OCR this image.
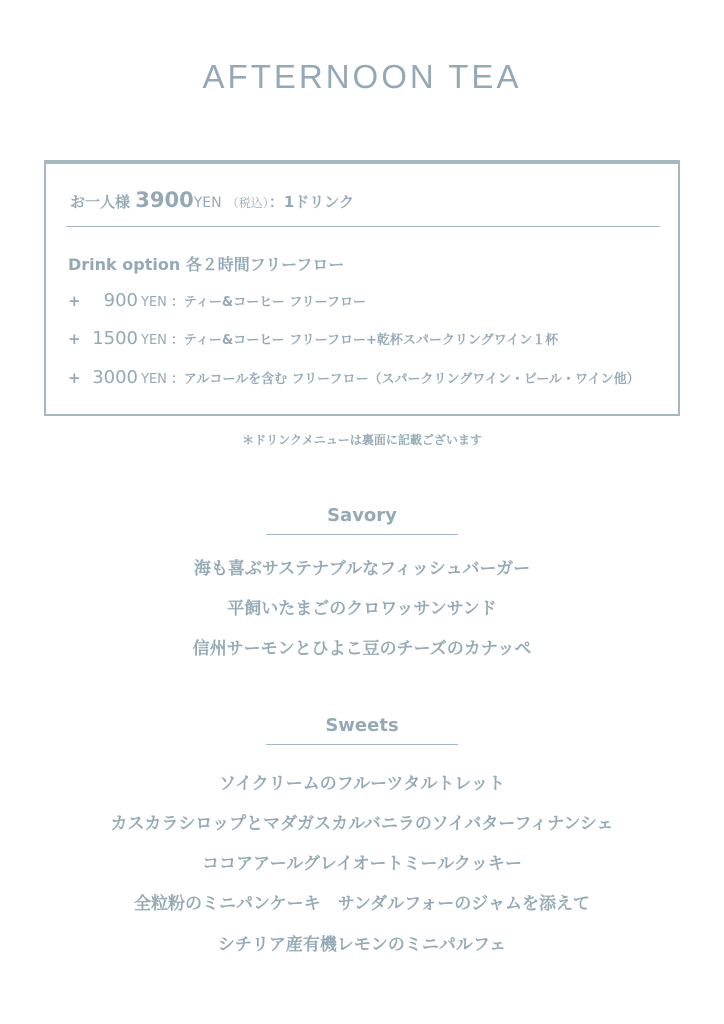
AFTERNOON TEA
お一人様 3900YEN （税込）：1ドリンク
Drink option 各２時間フリーフロー
+ 900 YEN ：ティー&コーヒー フリーフロー
+ 1500 YEN ：ティー&コーヒー フリーフロー+乾杯スパークリングワイン１杯
+ 3000 YEN ：アルコールを含む フリーフロー（スパークリングワイン・ビール・ワイン他）
＊ドリンクメニューは裏面に記載ございます
Savory
海も喜ぶサステナブルなフィッシュバーガー
平飼いたまごのクロワッサンサンド
信州サーモンとひよこ豆のチーズのカナッペ
Sweets
ソイクリームのフルーツタルトレット
カスカラシロップとマダガスカルバニラのソイバターフィナンシェ
ココアアールグレイオートミールクッキー
全粒粉のミニパンケーキ　サンダルフォーのジャムを添えて
シチリア産有機レモンのミニパルフェ
